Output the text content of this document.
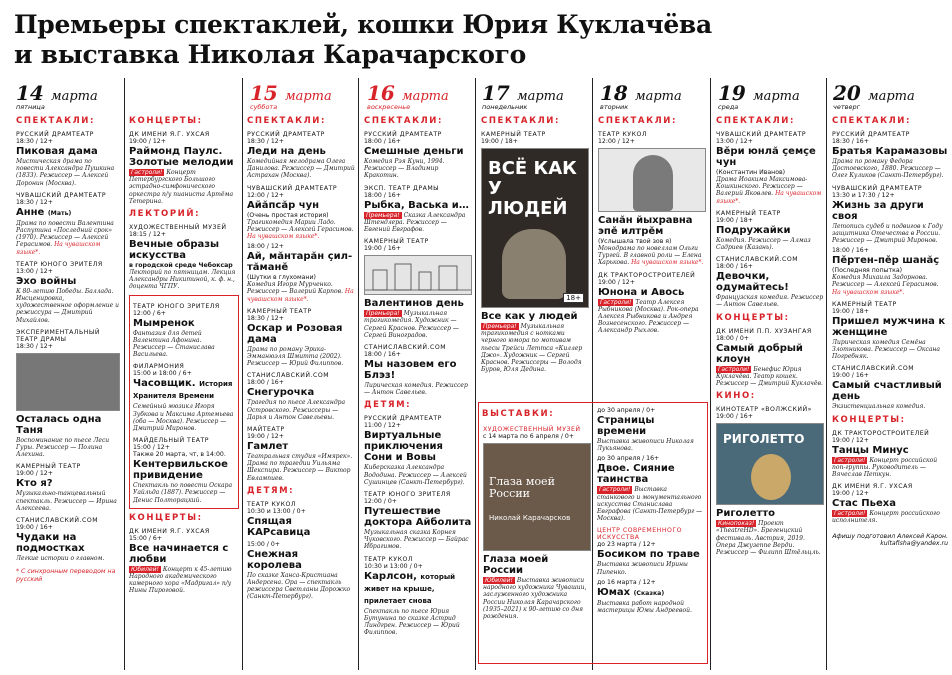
Премьеры спектаклей, кошки Юрия Куклачёва
и выставка Николая Карачарского
14 марта
пятница
15 марта
суббота
16 марта
воскресенье
17 марта
понедельник
18 марта
вторник
19 марта
среда
20 марта
четверг
СПЕКТАКЛИ:
РУССКИЙ ДРАМТЕАТР
18:30 / 12+
Пиковая дама
Мистическая драма по повести Александра Пушкина (1833). Режиссер — Алексей Доронин (Москва).
ЧУВАШСКИЙ ДРАМТЕАТР
18:30 / 12+
Анне (Мать)
Драма по повести Валентина Распутина «Последний срок» (1970). Режиссер — Алексей Герасимов. На чувашском языке*.
ТЕАТР ЮНОГО ЗРИТЕЛЯ
13:00 / 12+
Эхо войны
К 80-летию Победы. Баллада. Инсценировка, художественное оформление и режиссура — Дмитрий Михайлов.
ЭКСПЕРИМЕНТАЛЬНЫЙ ТЕАТР ДРАМЫ
18:30 / 12+
Осталась одна Таня
Воспоминание по пьесе Леси Гуры. Режиссер — Полина Алехина.
КАМЕРНЫЙ ТЕАТР
19:00 / 12+
Кто я?
Музыкально-танцевальный спектакль. Режиссер — Ирина Алексеева.
СТАНИСЛАВСКИЙ.COM
19:00 / 16+
Чудаки на подмостках
Легкие истории о главном.
* С синхронным переводом на русский
КОНЦЕРТЫ:
ДК ИМЕНИ Я.Г. УХСАЯ
19:00 / 12+
Раймонд Паулс. Золотые мелодии
Гастроли! Концерт Петербургского Большого эстрадно-симфонического оркестра п/у пианиста Артёма Тетерина.
ЛЕКТОРИЙ:
ХУДОЖЕСТВЕННЫЙ МУЗЕЙ
18:15 / 12+
Вечные образы искусства
в городской среде Чебоксар
Лекторий по пятницам. Лекция Александры Никитиной, к. ф. н., доцента ЧГПУ.
ТЕАТР ЮНОГО ЗРИТЕЛЯ
12:00 / 6+
Мымренок
Фантазия для детей Валентина Афонина. Режиссер — Станислава Васильева.
ФИЛАРМОНИЯ
15:00 и 18:00 / 6+
Часовщик. История Хранителя Времени
Семейный мюзикл Игоря Зубкова и Максима Артемьева (оба — Москва). Режиссер — Дмитрий Миронов.
МАЙДЕЛЬНЫЙ ТЕАТР
15:00 / 12+
Также 20 марта, чт, в 14:00.
Кентервильское привидение
Спектакль по повести Оскара Уайльда (1887). Режиссер — Денис Полторацкий.
КОНЦЕРТЫ:
ДК ИМЕНИ Я.Г. УХСАЯ
15:00 / 6+
Все начинается с любви
Юбилей! Концерт к 45-летию Народного академического камерного хора «Мадригал» п/у Нины Пироговой.
СПЕКТАКЛИ:
РУССКИЙ ДРАМТЕАТР
18:30 / 12+
Леди на день
Комедийная мелодрама Олега Данилова. Режиссер — Дмитрий Астрахан (Москва).
ЧУВАШСКИЙ ДРАМТЕАТР
12:00 / 12+
Айăпсăр чун
(Очень простая история)
Трагикомедия Марии Ладо. Режиссер — Алексей Герасимов. На чувашском языке*.
18:00 / 12+
Ай, мăнтарăн çил-тăманĕ
(Шутки в глухомани)
Комедия Игоря Мурченко. Режиссер — Валерий Карпов. На чувашском языке*.
КАМЕРНЫЙ ТЕАТР
18:30 / 12+
Оскар и Розовая дама
Драма по роману Эрика-Эмманюэля Шмитта (2002). Режиссер — Юрий Филиппов.
СТАНИСЛАВСКИЙ.COM
18:00 / 16+
Снегурочка
Трагедия по пьесе Александра Островского. Режиссеры — Дарья и Антон Савельевы.
МАЙТЕАТР
19:00 / 12+
Гамлет
Театральная студия «Имярек». Драма по трагедии Уильяма Шекспира. Режиссер — Виктор Евлампиев.
ДЕТЯМ:
ТЕАТР КУКОЛ
10:30 и 13:00 / 0+
Спящая КАРсавица
15:00 / 0+
Снежная королева
По сказке Ханса-Кристиана Андерсена. Ора — спектакль режиссера Светланы Дорожко (Санкт-Петербург).
СПЕКТАКЛИ:
РУССКИЙ ДРАМТЕАТР
18:00 / 16+
Смешные деньги
Комедия Рэя Куни, 1994. Режиссер — Владимир Кракотин.
ЭКСП. ТЕАТР ДРАМЫ
18:00 / 16+
Рыбка, Васька и…
Премьера! Сказка Александра Штендлера. Режиссер — Евгений Евграфов.
КАМЕРНЫЙ ТЕАТР
19:00 / 16+
Валентинов день
Премьера! Музыкальная трагикомедия. Художник — Сергей Краснов. Режиссер — Сергей Виноградов.
СТАНИСЛАВСКИЙ.COM
18:00 / 16+
Мы назовем его Блэз!
Лирическая комедия. Режиссер — Антон Савельев.
ДЕТЯМ:
РУССКИЙ ДРАМТЕАТР
11:00 / 12+
Виртуальные приключения Сони и Вовы
Киберсказка Александра Вододина. Режиссер — Алексей Сушинцев (Санкт-Петербург).
ТЕАТР ЮНОГО ЗРИТЕЛЯ
12:00 / 0+
Путешествие доктора Айболита
Музыкальная сказка Корнея Чуковского. Режиссер — Байрас Ибрагимов.
ТЕАТР КУКОЛ
10:30 и 13:00 / 0+
Карлсон, который живет на крыше, прилетает снова
Спектакль по пьесе Юрия Бутунина по сказке Астрид Линдгрен. Режиссер — Юрий Филиппов.
СПЕКТАКЛИ:
КАМЕРНЫЙ ТЕАТР
19:00 / 18+
ВСЁ КАК У ЛЮДЕЙ
18+
Все как у людей
Премьера! Музыкальная трагикомедия с нотками черного юмора по мотивам пьесы Трейси Леттса «Киллер Джо». Художник — Сергей Краснов. Режиссеры — Володя Буров, Юля Дедина.
ВЫСТАВКИ:
ХУДОЖЕСТВЕННЫЙ МУЗЕЙ
с 14 марта по 6 апреля / 0+
Глаза моей России
Николай Карачарсков
Глаза моей России
Юбилей! Выставка живописи народного художника Чувашии, заслуженного художника России Николая Карачарского (1935–2021) к 90-летию со дня рождения.
до 30 апреля / 0+
Страницы времени
Выставка живописи Николая Лукьянова.
до 30 апреля / 16+
Двое. Сияние таинства
Гастроли! Выставка станкового и монументального искусства Станислава Евграфова (Санкт-Петербург — Москва).
ЦЕНТР СОВРЕМЕННОГО ИСКУССТВА
до 23 марта / 12+
Босиком по траве
Выставка живописи Ирины Пипенко.
до 16 марта / 12+
Юмах (Сказка)
Выставка работ народной мастерицы Юмы Андреевой.
СПЕКТАКЛИ:
ТЕАТР КУКОЛ
12:00 / 12+
Санăн йыхравна эпĕ илтрĕм
(Услышала твой зов я)
Монодрама по новеллам Ольги Тургей. В главной роли — Елена Харькова. На чувашском языке*.
ДК ТРАКТОРОСТРОИТЕЛЕЙ
19:00 / 12+
Юнона и Авось
Гастроли! Театр Алексея Рыбникова (Москва). Рок-опера Алексея Рыбникова и Андрея Вознесенского. Режиссер — Александр Рыхлов.
СПЕКТАКЛИ:
ЧУВАШСКИЙ ДРАМТЕАТР
13:00 / 12+
Вĕри юнлă çемçе чун
(Константин Иванов)
Драма Иоакима Максимова-Кошкинского. Режиссер — Валерий Яковлев. На чувашском языке*.
КАМЕРНЫЙ ТЕАТР
19:00 / 18+
Подружайки
Комедия. Режиссер — Алмаз Садриев (Казань).
СТАНИСЛАВСКИЙ.COM
18:00 / 16+
Девочки, одумайтесь!
Французская комедия. Режиссер — Антон Савельев.
КОНЦЕРТЫ:
ДК ИМЕНИ П.П. ХУЗАНГАЯ
18:00 / 0+
Самый добрый клоун
Гастроли! Бенефис Юрия Куклачёва. Театр кошек. Режиссер — Дмитрий Куклачёв.
КИНО:
КИНОТЕАТР «ВОЛЖСКИЙ»
19:00 / 16+
РИГОЛЕТТО
Риголетто
Кинопоказ! Проект «TheatreHD». Брегенцский фестиваль. Австрия, 2019. Опера Джузеппе Верди. Режиссер — Филипп Штёльцль.
СПЕКТАКЛИ:
РУССКИЙ ДРАМТЕАТР
18:30 / 16+
Братья Карамазовы
Драма по роману Федора Достоевского, 1880. Режиссер — Олег Куликов (Санкт-Петербург).
ЧУВАШСКИЙ ДРАМТЕАТР
13:30 и 17:30 / 12+
Жизнь за други своя
Летопись судеб и подвигов к Году защитника Отечества в России. Режиссер — Дмитрий Миронов.
18:00 / 16+
Пĕртен-пĕр шанăç
(Последняя попытка)
Комедия Михаила Задорнова. Режиссер — Алексей Герасимов. На чувашском языке*.
КАМЕРНЫЙ ТЕАТР
19:00 / 18+
Пришел мужчина к женщине
Лирическая комедия Семёна Злотникова. Режиссер — Оксана Погребняк.
СТАНИСЛАВСКИЙ.COM
19:00 / 16+
Самый счастливый день
Экзистенциальная комедия.
КОНЦЕРТЫ:
ДК ТРАКТОРОСТРОИТЕЛЕЙ
19:00 / 12+
Танцы Минус
Гастроли! Концерт российской поп-группы. Руководитель — Вячеслав Петкун.
ДК ИМЕНИ Я.Г. УХСАЯ
19:00 / 12+
Стас Пьеха
Гастроли! Концерт российского исполнителя.
Афишу подготовил Алексей Карон. kultafisha@yandex.ru
